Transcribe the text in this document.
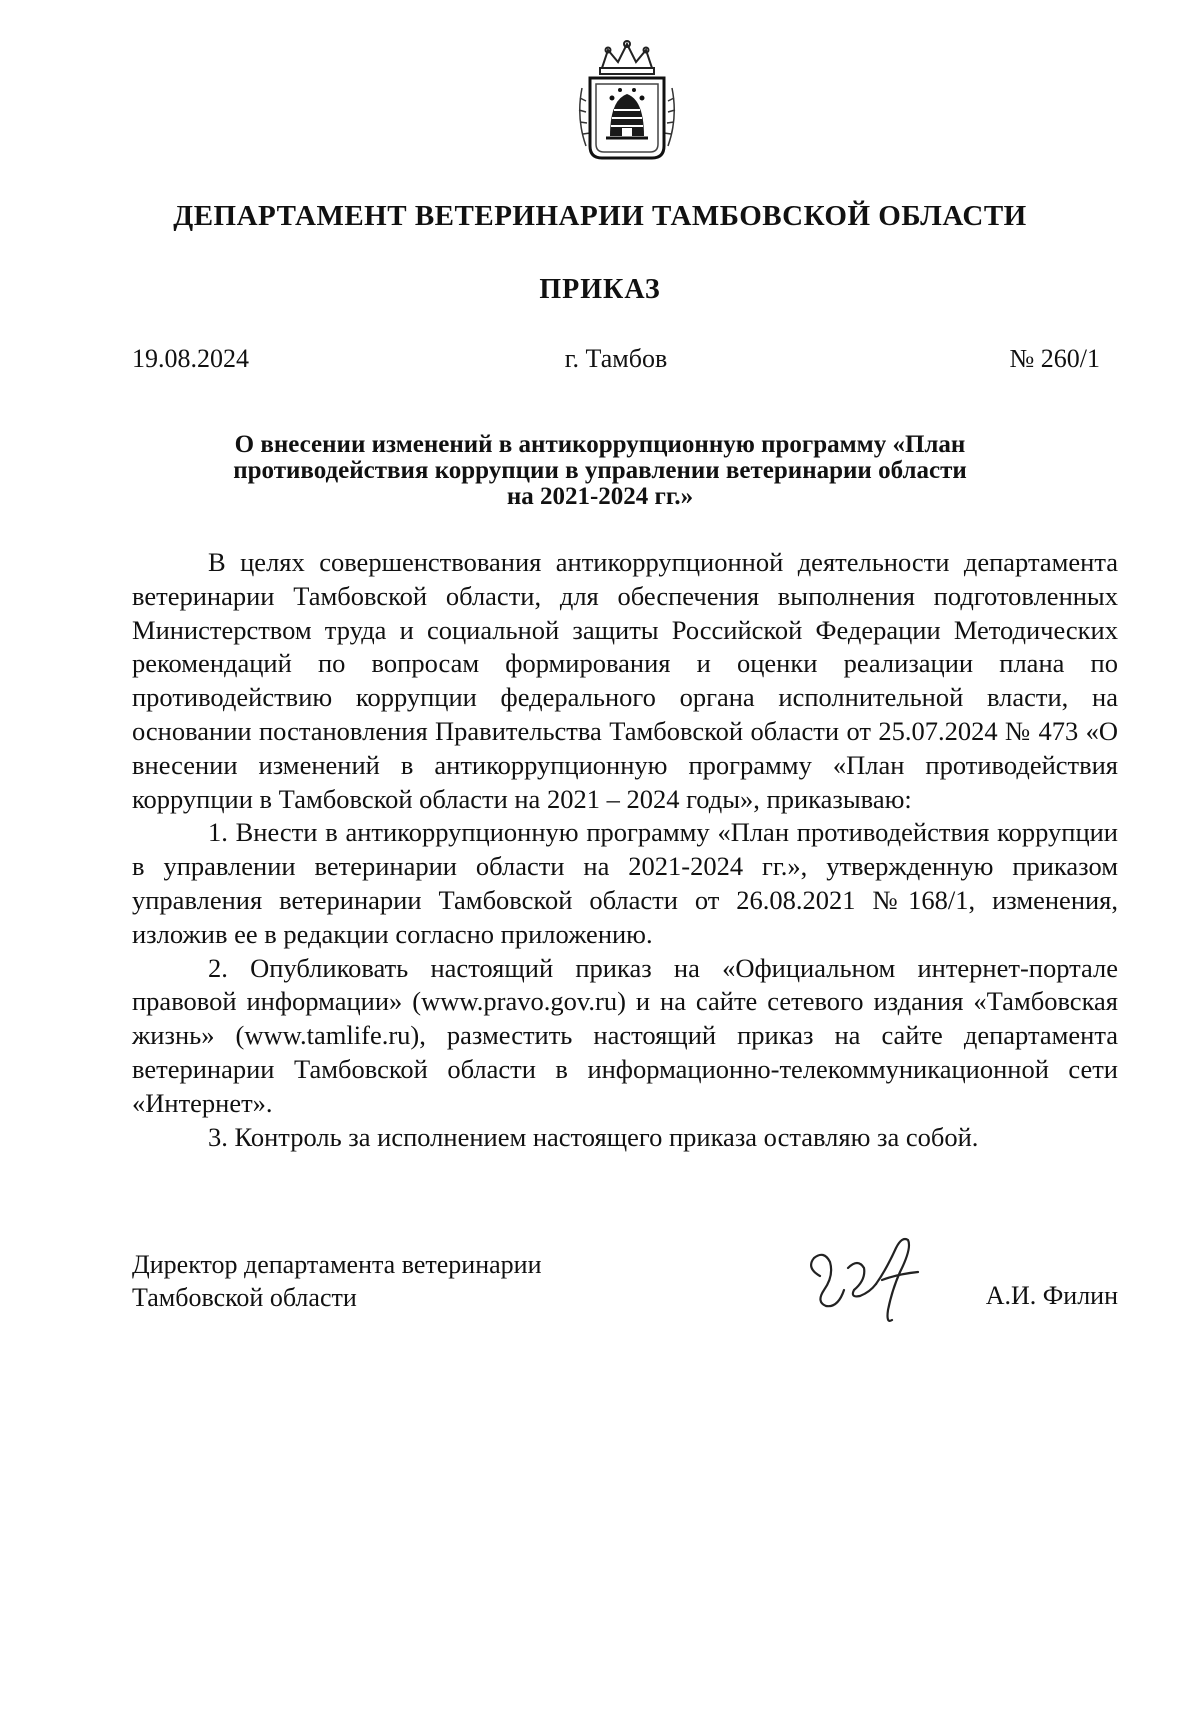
ДЕПАРТАМЕНТ ВЕТЕРИНАРИИ ТАМБОВСКОЙ ОБЛАСТИ
ПРИКАЗ
19.08.2024	г. Тамбов	№ 260/1
О внесении изменений в антикоррупционную программу «План
противодействия коррупции в управлении ветеринарии области
на 2021-2024 гг.»

В целях совершенствования антикоррупционной деятельности департамента ветеринарии Тамбовской области, для обеспечения выполнения подготовленных Министерством труда и социальной защиты Российской Федерации Методических рекомендаций по вопросам формирования и оценки реализации плана по противодействию коррупции федерального органа исполнительной власти, на основании постановления Правительства Тамбовской области от 25.07.2024 № 473 «О внесении изменений в антикоррупционную программу «План противодействия коррупции в Тамбовской области на 2021 – 2024 годы», приказываю:

1. Внести в антикоррупционную программу «План противодействия коррупции в управлении ветеринарии области на 2021-2024 гг.», утвержденную приказом управления ветеринарии Тамбовской области от 26.08.2021 №168/1, изменения, изложив ее в редакции согласно приложению.

2. Опубликовать настоящий приказ на «Официальном интернет-портале правовой информации» (www.pravo.gov.ru) и на сайте сетевого издания «Тамбовская жизнь» (www.tamlife.ru), разместить настоящий приказ на сайте департамента ветеринарии Тамбовской области в информационно-телекоммуникационной сети «Интернет».

3. Контроль за исполнением настоящего приказа оставляю за собой.

Директор департамента ветеринарии
Тамбовской области	А.И. Филин
